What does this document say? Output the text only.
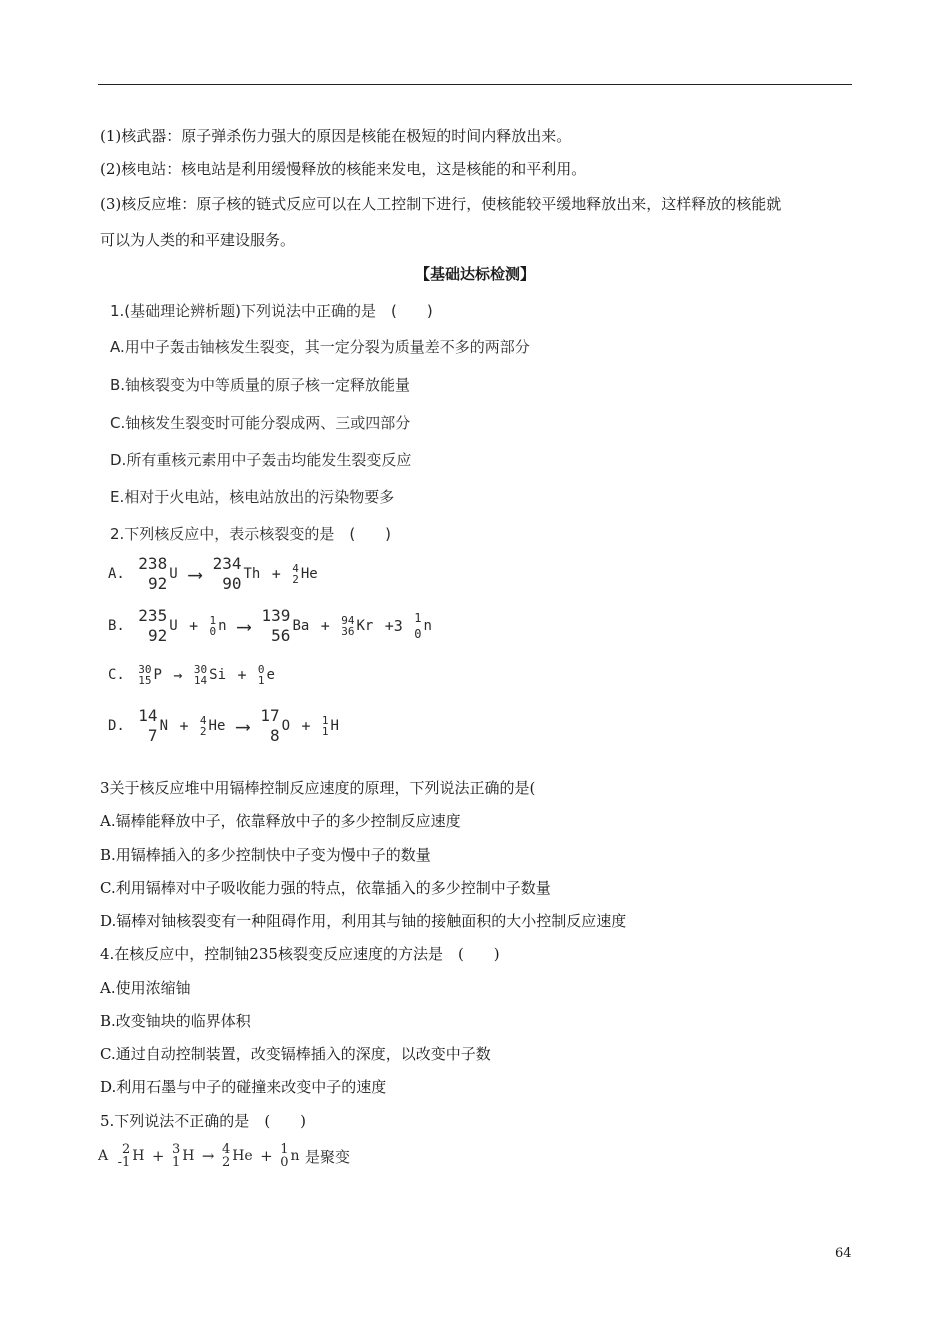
(1)核武器：原子弹杀伤力强大的原因是核能在极短的时间内释放出来。
(2)核电站：核电站是利用缓慢释放的核能来发电，这是核能的和平利用。
(3)核反应堆：原子核的链式反应可以在人工控制下进行，使核能较平缓地释放出来，这样释放的核能就
可以为人类的和平建设服务。
【基础达标检测】
1.(基础理论辨析题)下列说法中正确的是　(　　)
A.用中子轰击铀核发生裂变，其一定分裂为质量差不多的两部分
B.铀核裂变为中等质量的原子核一定释放能量
C.铀核发生裂变时可能分裂成两、三或四部分
D.所有重核元素用中子轰击均能发生裂变反应
E.相对于火电站，核电站放出的污染物要多
2.下列核反应中，表示核裂变的是　(　　)
A.
238
92 U ⟶ 234
90 Th + 4
2 He
B.
235
92 U + 1
0 n ⟶ 139
56 Ba + 94
36 Kr +3 1
0 n
C. 30
15 P → 30
14 Si + 0
1 e
D.
14
7 N + 4
2 He ⟶ 17
8 O + 1
1 H
3关于核反应堆中用镉棒控制反应速度的原理，下列说法正确的是(
A.镉棒能释放中子，依靠释放中子的多少控制反应速度
B.用镉棒插入的多少控制快中子变为慢中子的数量
C.利用镉棒对中子吸收能力强的特点，依靠插入的多少控制中子数量
D.镉棒对铀核裂变有一种阻碍作用，利用其与铀的接触面积的大小控制反应速度
4.在核反应中，控制铀235核裂变反应速度的方法是　(　　)
A.使用浓缩铀
B.改变铀块的临界体积
C.通过自动控制装置，改变镉棒插入的深度，以改变中子数
D.利用石墨与中子的碰撞来改变中子的速度
5.下列说法不正确的是　(　　)
A	2
-1 H + 3
1 H → 4
2 He + 1
0 n 是聚变
64
